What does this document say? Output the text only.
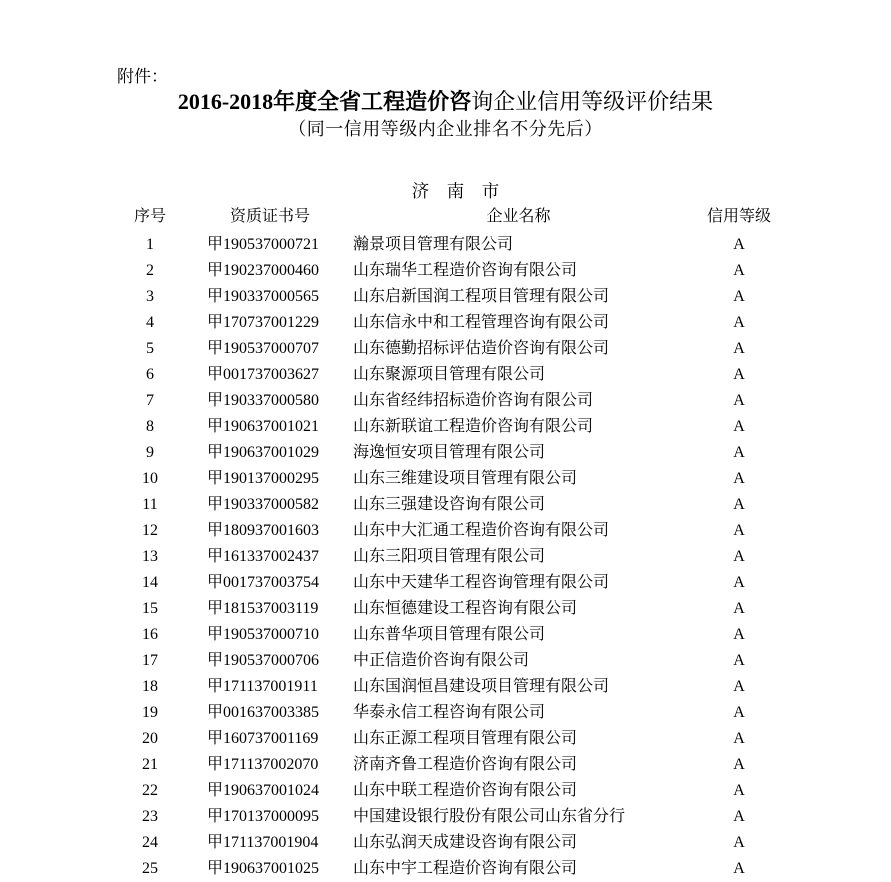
附件：
2016-2018年度全省工程造价咨询企业信用等级评价结果
（同一信用等级内企业排名不分先后）
济　南　市
序号	资质证书号	企业名称	信用等级
1	甲190537000721	瀚景项目管理有限公司	A
2	甲190237000460	山东瑞华工程造价咨询有限公司	A
3	甲190337000565	山东启新国润工程项目管理有限公司	A
4	甲170737001229	山东信永中和工程管理咨询有限公司	A
5	甲190537000707	山东德勤招标评估造价咨询有限公司	A
6	甲001737003627	山东聚源项目管理有限公司	A
7	甲190337000580	山东省经纬招标造价咨询有限公司	A
8	甲190637001021	山东新联谊工程造价咨询有限公司	A
9	甲190637001029	海逸恒安项目管理有限公司	A
10	甲190137000295	山东三维建设项目管理有限公司	A
11	甲190337000582	山东三强建设咨询有限公司	A
12	甲180937001603	山东中大汇通工程造价咨询有限公司	A
13	甲161337002437	山东三阳项目管理有限公司	A
14	甲001737003754	山东中天建华工程咨询管理有限公司	A
15	甲181537003119	山东恒德建设工程咨询有限公司	A
16	甲190537000710	山东普华项目管理有限公司	A
17	甲190537000706	中正信造价咨询有限公司	A
18	甲171137001911	山东国润恒昌建设项目管理有限公司	A
19	甲001637003385	华泰永信工程咨询有限公司	A
20	甲160737001169	山东正源工程项目管理有限公司	A
21	甲171137002070	济南齐鲁工程造价咨询有限公司	A
22	甲190637001024	山东中联工程造价咨询有限公司	A
23	甲170137000095	中国建设银行股份有限公司山东省分行	A
24	甲171137001904	山东弘润天成建设咨询有限公司	A
25	甲190637001025	山东中宇工程造价咨询有限公司	A
